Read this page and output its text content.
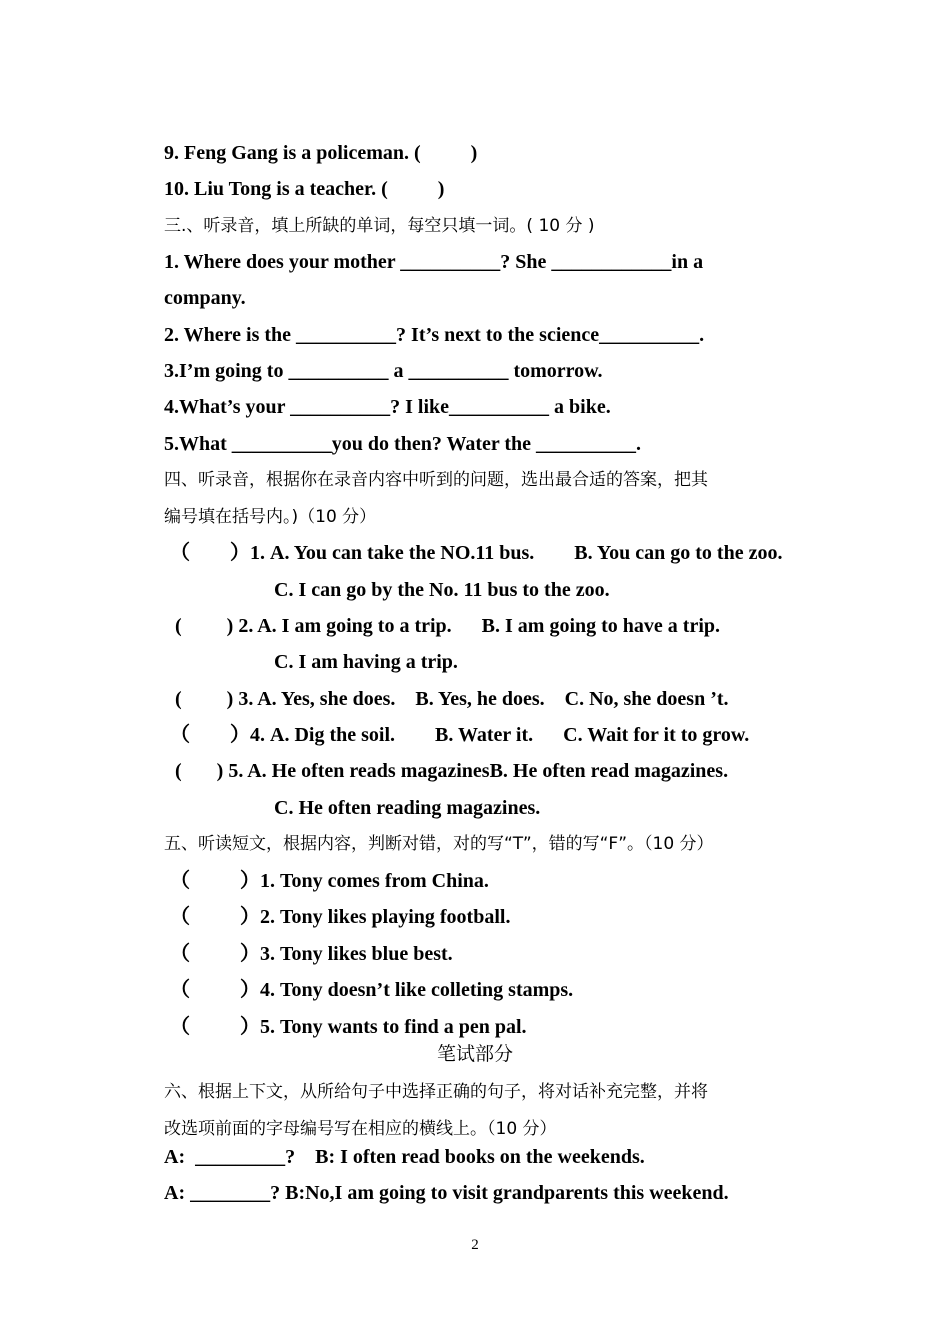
9. Feng Gang is a policeman. (          )
10. Liu Tong is a teacher. (          )
三.、听录音，填上所缺的单词，每空只填一词。( 10 分 )
1. Where does your mother __________? She ____________in a
company.
2. Where is the __________? It’s next to the science__________.
3.I’m going to __________ a __________ tomorrow.
4.What’s your __________? I like__________ a bike.
5.What __________you do then? Water the __________.
四、听录音，根据你在录音内容中听到的问题，选出最合适的答案，把其
编号填在括号内。)（10 分）
（        ）1. A. You can take the NO.11 bus.        B. You can go to the zoo.
C. I can go by the No. 11 bus to the zoo.
(         ) 2. A. I am going to a trip.      B. I am going to have a trip.
C. I am having a trip.
(         ) 3. A. Yes, she does.    B. Yes, he does.    C. No, she doesn ’t.
（        ）4. A. Dig the soil.        B. Water it.      C. Wait for it to grow.
(       ) 5. A. He often reads magazinesB. He often read magazines.
C. He often reading magazines.
五、听读短文，根据内容，判断对错，对的写“T”，错的写“F”。（10 分）
（          ）1. Tony comes from China.
（          ）2. Tony likes playing football.
（          ）3. Tony likes blue best.
（          ）4. Tony doesn’t like colleting stamps.
（          ）5. Tony wants to find a pen pal.
笔试部分
六、根据上下文，从所给句子中选择正确的句子，将对话补充完整，并将
改选项前面的字母编号写在相应的横线上。（10 分）
A:  _________?    B: I often read books on the weekends.
A: ________? B:No,I am going to visit grandparents this weekend.
2
